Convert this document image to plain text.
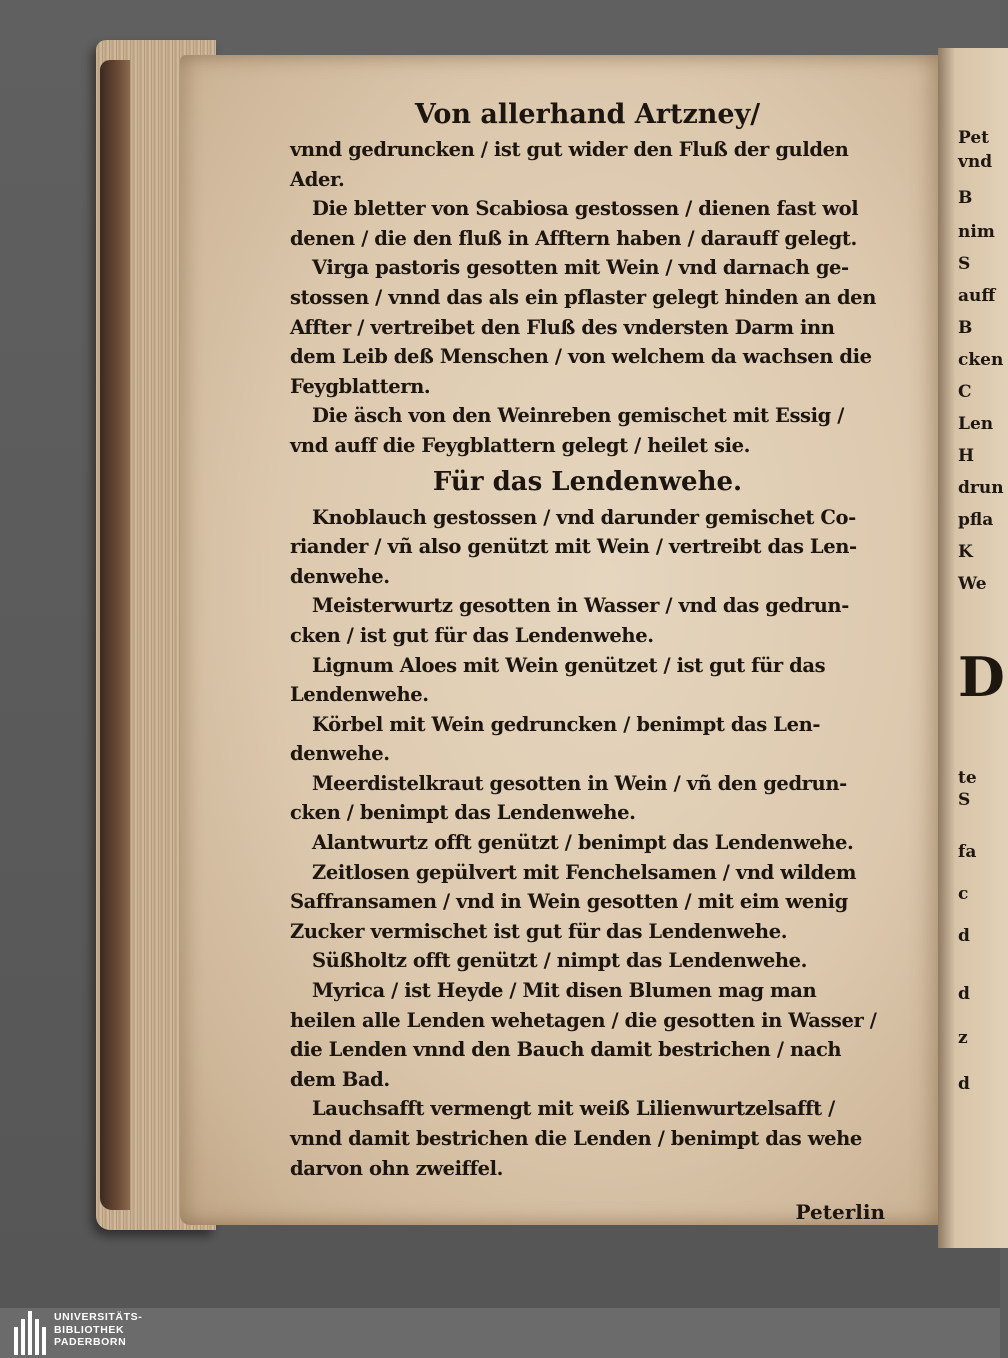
Pet
vnd
B
nim
S
auff
B
cken
C
Len
H
drun
pfla
K
We
D
te
S
fa
c
d
d
z
d
Von allerhand Artzney/
vnnd gedruncken / ist gut wider den Fluß der gulden
Ader.
Die bletter von Scabiosa gestossen / dienen fast wol
denen / die den fluß in Afftern haben / darauff gelegt.
Virga pastoris gesotten mit Wein / vnd darnach ge-
stossen / vnnd das als ein pflaster gelegt hinden an den
Affter / vertreibet den Fluß des vndersten Darm inn
dem Leib deß Menschen / von welchem da wachsen die
Feygblattern.
Die äsch von den Weinreben gemischet mit Essig /
vnd auff die Feygblattern gelegt / heilet sie.
Für das Lendenwehe.
Knoblauch gestossen / vnd darunder gemischet Co-
riander / vñ also genützt mit Wein / vertreibt das Len-
denwehe.
Meisterwurtz gesotten in Wasser / vnd das gedrun-
cken / ist gut für das Lendenwehe.
Lignum Aloes mit Wein genützet / ist gut für das
Lendenwehe.
Körbel mit Wein gedruncken / benimpt das Len-
denwehe.
Meerdistelkraut gesotten in Wein / vñ den gedrun-
cken / benimpt das Lendenwehe.
Alantwurtz offt genützt / benimpt das Lendenwehe.
Zeitlosen gepülvert mit Fenchelsamen / vnd wildem
Saffransamen / vnd in Wein gesotten / mit eim wenig
Zucker vermischet ist gut für das Lendenwehe.
Süßholtz offt genützt / nimpt das Lendenwehe.
Myrica / ist Heyde / Mit disen Blumen mag man
heilen alle Lenden wehetagen / die gesotten in Wasser /
die Lenden vnnd den Bauch damit bestrichen / nach
dem Bad.
Lauchsafft vermengt mit weiß Lilienwurtzelsafft /
vnnd damit bestrichen die Lenden / benimpt das wehe
darvon ohn zweiffel.
Peterlin
UNIVERSITÄTS-
BIBLIOTHEK
PADERBORN
